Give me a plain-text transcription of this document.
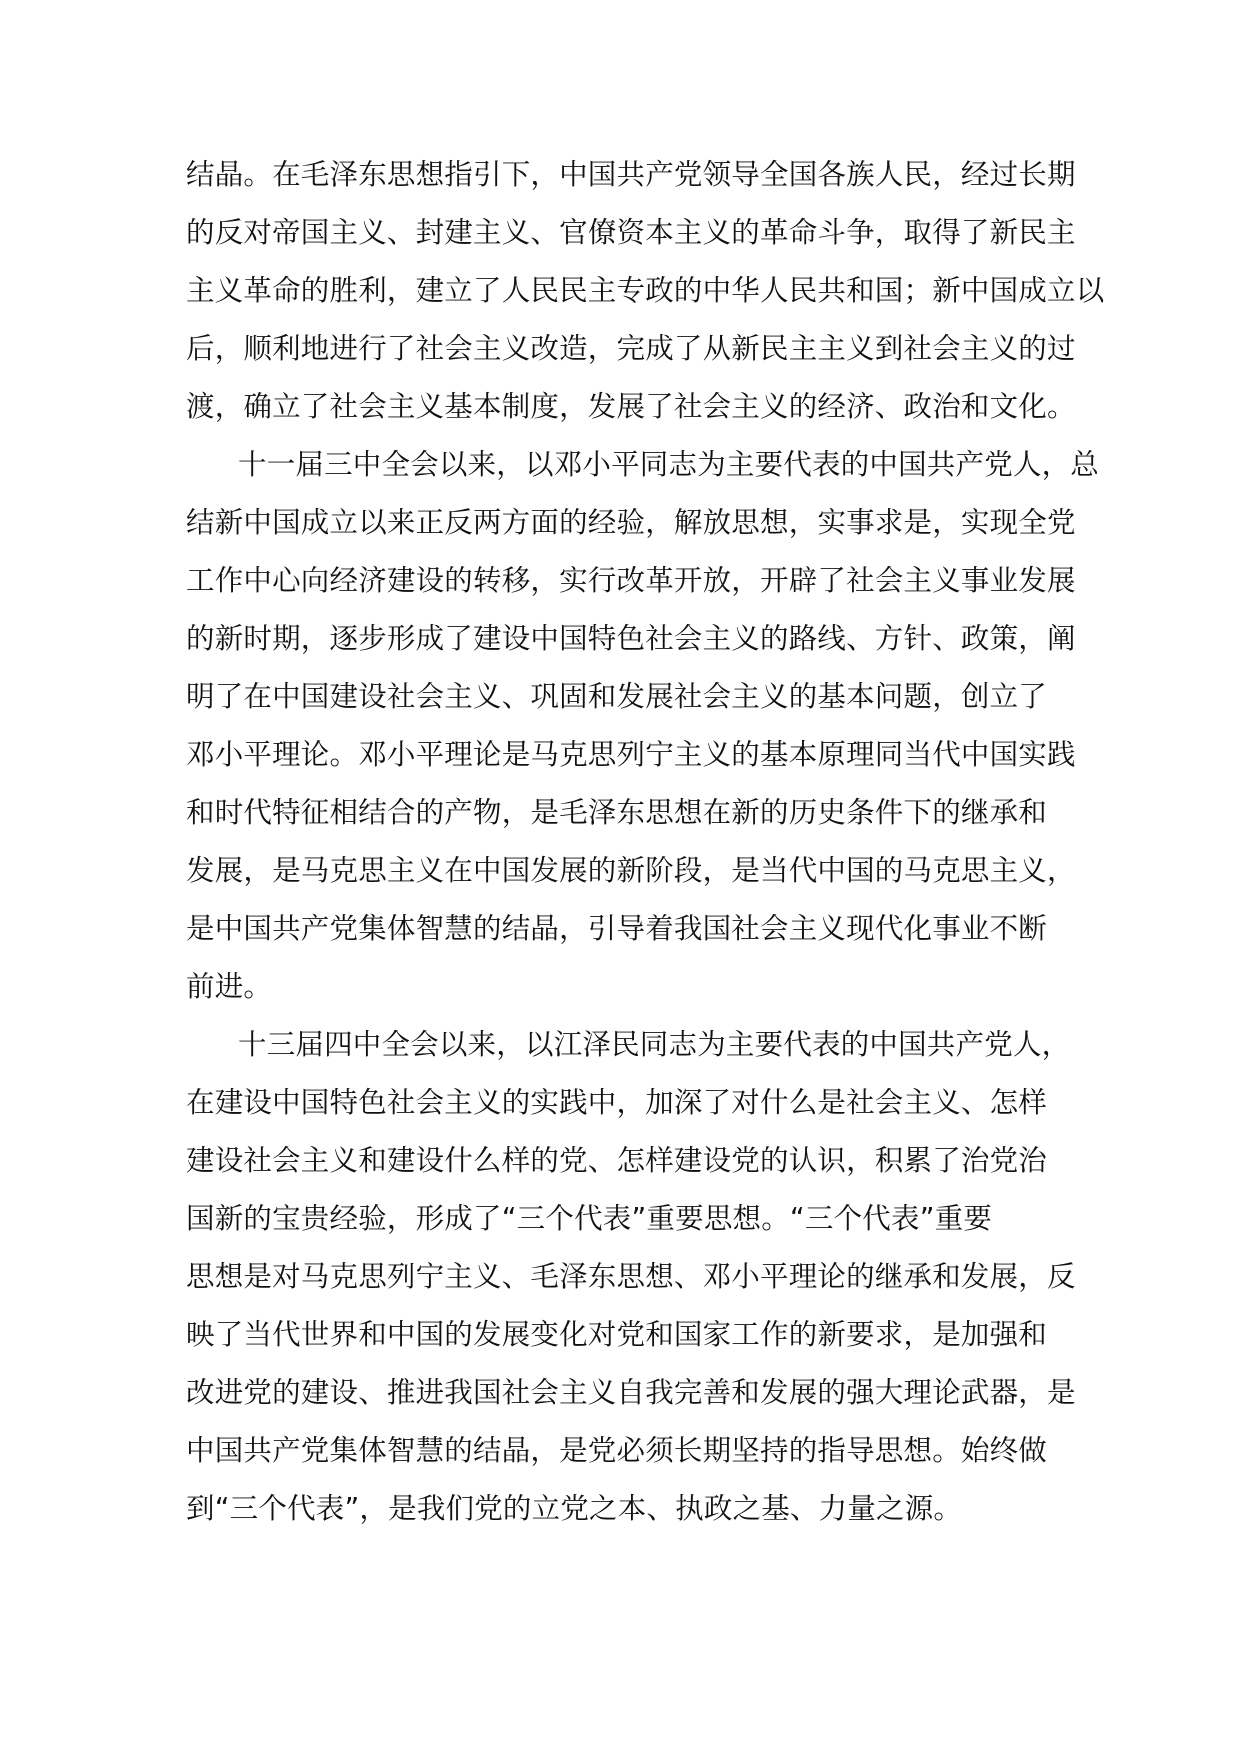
结晶。在毛泽东思想指引下，中国共产党领导全国各族人民，经过长期
的反对帝国主义、封建主义、官僚资本主义的革命斗争，取得了新民主
主义革命的胜利，建立了人民民主专政的中华人民共和国；新中国成立以
后，顺利地进行了社会主义改造，完成了从新民主主义到社会主义的过
渡，确立了社会主义基本制度，发展了社会主义的经济、政治和文化。
十一届三中全会以来，以邓小平同志为主要代表的中国共产党人，总
结新中国成立以来正反两方面的经验，解放思想，实事求是，实现全党
工作中心向经济建设的转移，实行改革开放，开辟了社会主义事业发展
的新时期，逐步形成了建设中国特色社会主义的路线、方针、政策，阐
明了在中国建设社会主义、巩固和发展社会主义的基本问题，创立了
邓小平理论。邓小平理论是马克思列宁主义的基本原理同当代中国实践
和时代特征相结合的产物，是毛泽东思想在新的历史条件下的继承和
发展，是马克思主义在中国发展的新阶段，是当代中国的马克思主义，
是中国共产党集体智慧的结晶，引导着我国社会主义现代化事业不断
前进。
十三届四中全会以来，以江泽民同志为主要代表的中国共产党人，
在建设中国特色社会主义的实践中，加深了对什么是社会主义、怎样
建设社会主义和建设什么样的党、怎样建设党的认识，积累了治党治
国新的宝贵经验，形成了“三个代表”重要思想。“三个代表”重要
思想是对马克思列宁主义、毛泽东思想、邓小平理论的继承和发展，反
映了当代世界和中国的发展变化对党和国家工作的新要求，是加强和
改进党的建设、推进我国社会主义自我完善和发展的强大理论武器，是
中国共产党集体智慧的结晶，是党必须长期坚持的指导思想。始终做
到“三个代表”，是我们党的立党之本、执政之基、力量之源。
